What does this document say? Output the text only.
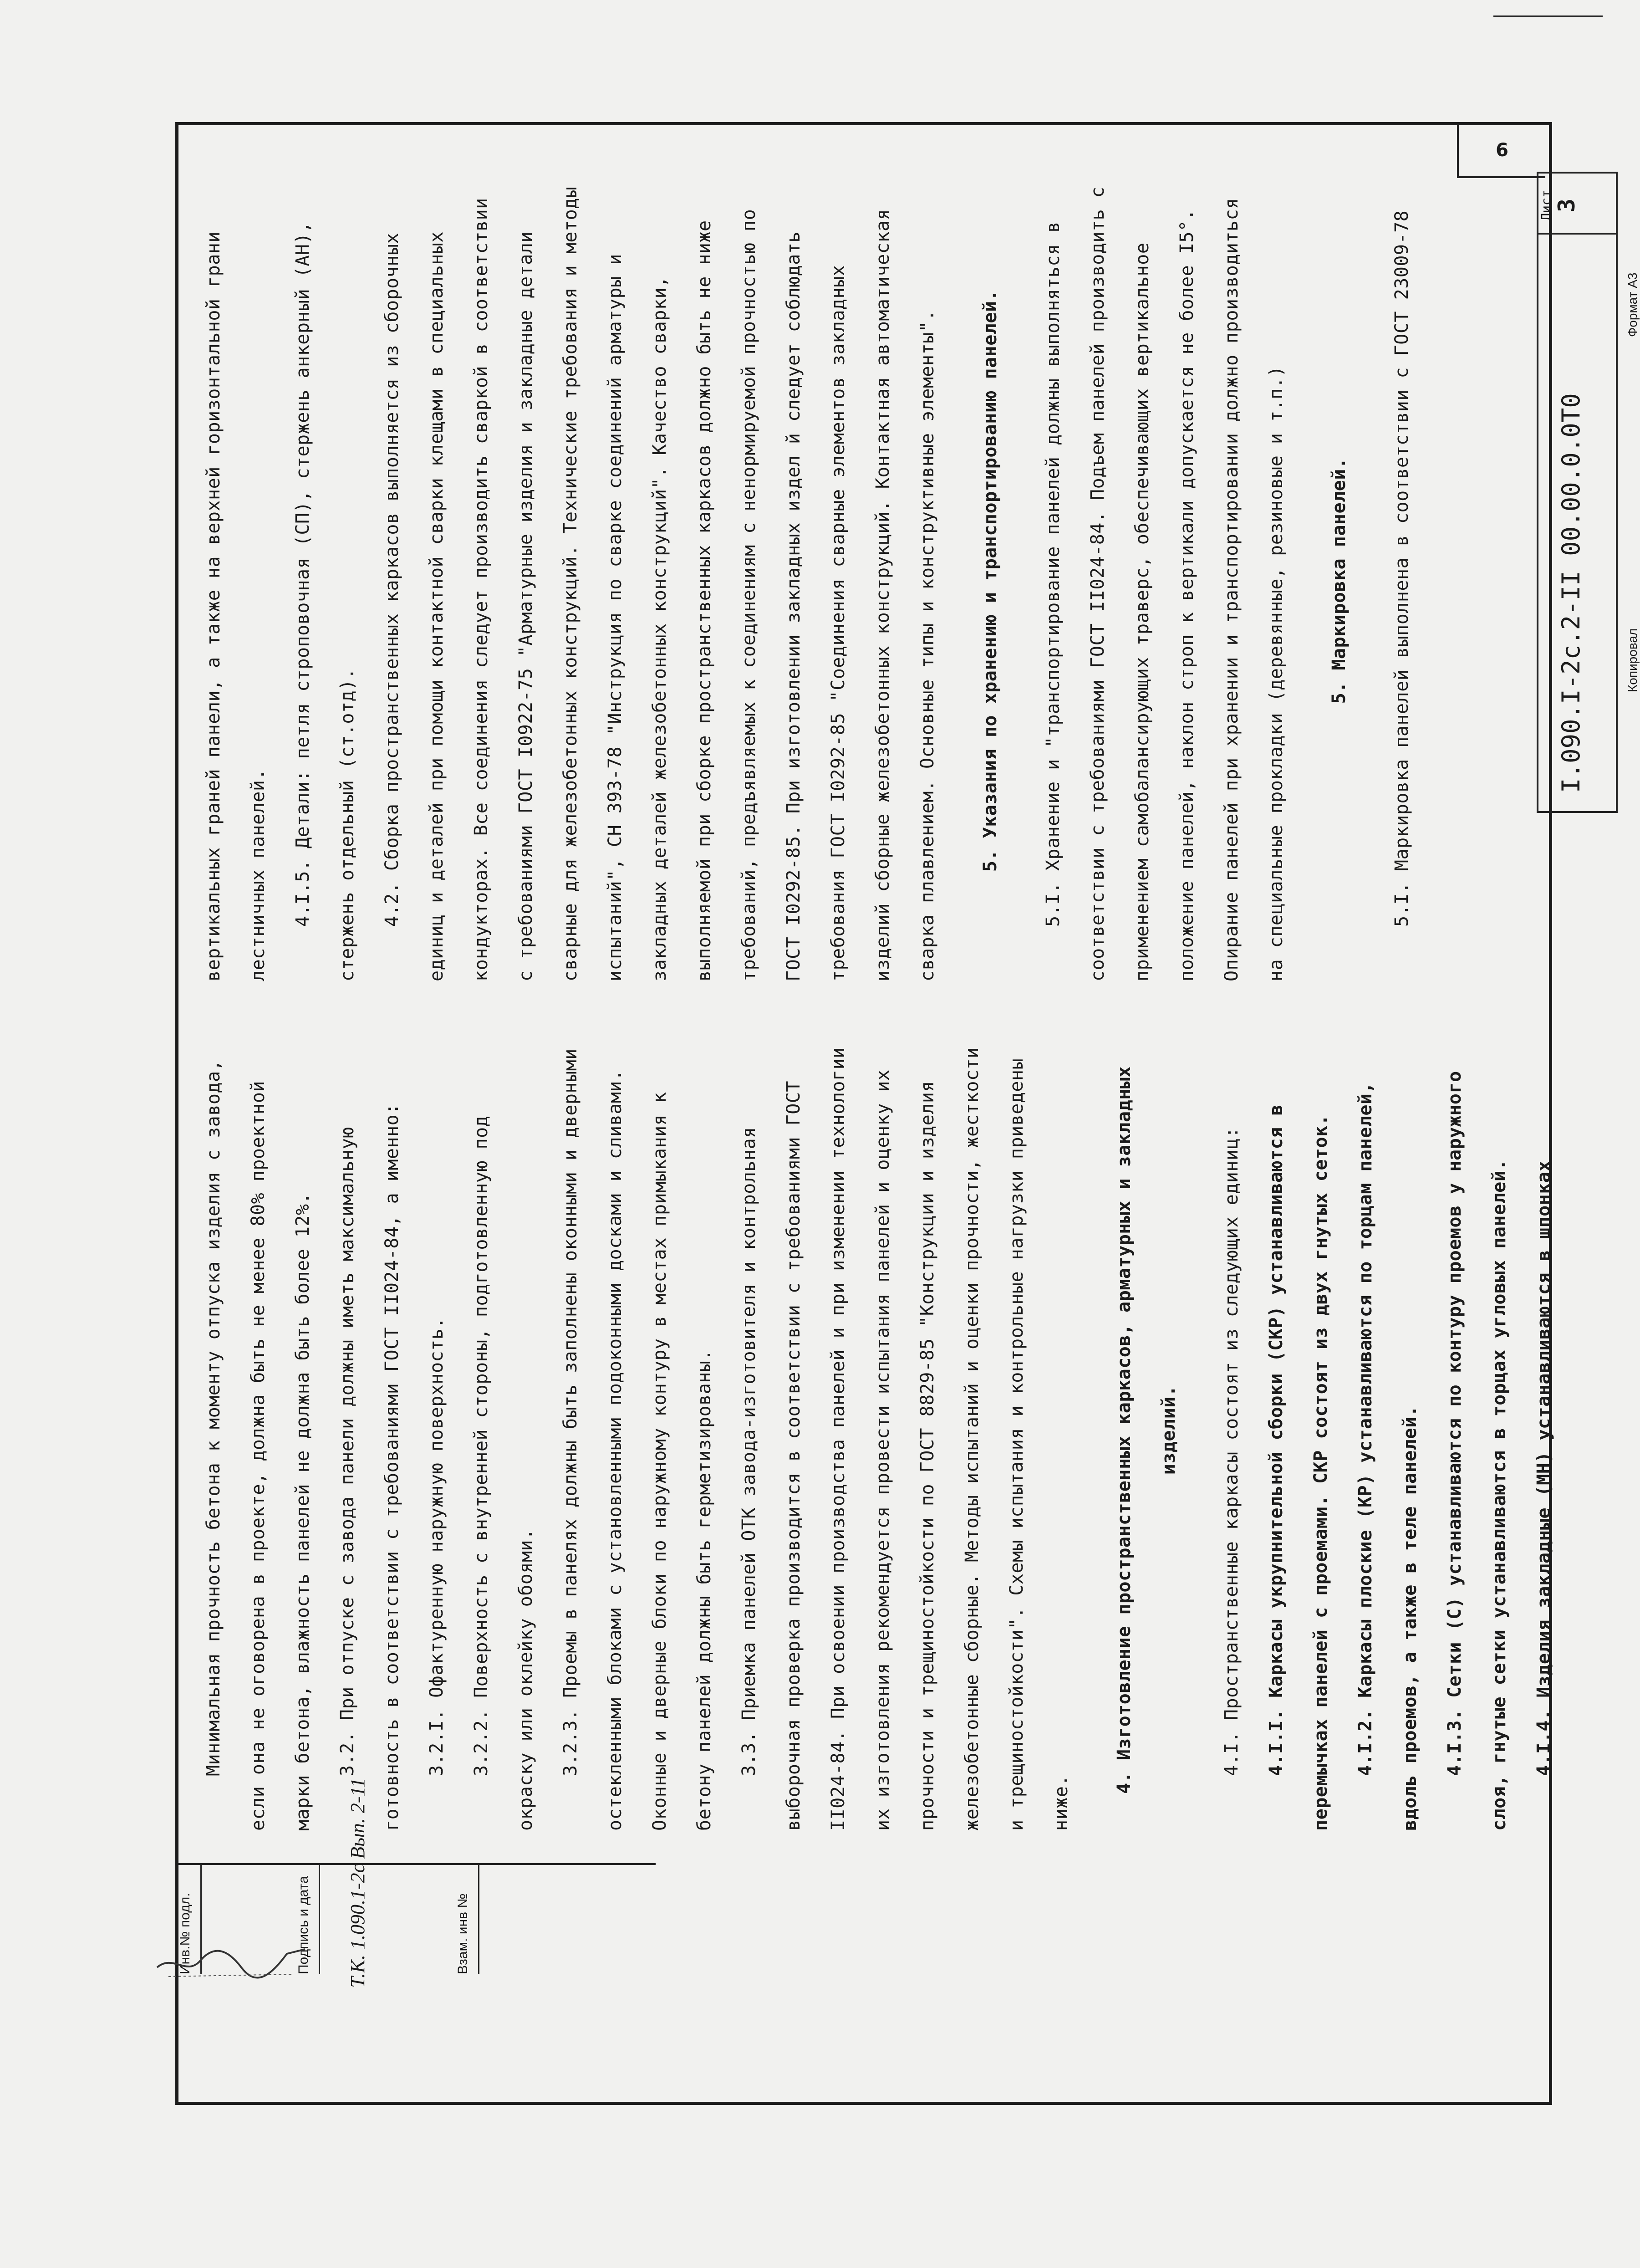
6
Инв.№ подл.	Подпись и дата	Взам. инв №
Т.К. 1.090.1-2с Вып. 2-11

Минимальная прочность бетона к моменту отпуска изделия с завода, если она не оговорена в проекте, должна быть не менее 80% проектной марки бетона, влажность панелей не должна быть более 12%.	3.2. При отпуске с завода панели должны иметь максимальную готовность в соответствии с требованиями ГОСТ II024-84, а именно:	3.2.I. Офактуренную наружную поверхность.	3.2.2. Поверхность с внутренней стороны, подготовленную под окраску или оклейку обоями.	3.2.3. Проемы в панелях должны быть заполнены оконными и дверными остекленными блоками с установленными подоконными досками и сливами. Оконные и дверные блоки по наружному контуру в местах примыкания к бетону панелей должны быть герметизированы.	3.3. Приемка панелей ОТК завода-изготовителя и контрольная выборочная проверка производится в соответствии с требованиями ГОСТ II024-84. При освоении производства панелей и при изменении технологии их изготовления рекомендуется провести испытания панелей и оценку их прочности и трещиностойкости по ГОСТ 8829-85 "Конструкции и изделия железобетонные сборные. Методы испытаний и оценки прочности, жесткости и трещиностойкости". Схемы испытания и контрольные нагрузки приведены ниже.

4. Изготовление пространственных каркасов, арматурных и закладных изделий.	4.I. Пространственные каркасы состоят из следующих единиц:	4.I.I. Каркасы укрупнительной сборки (СКР) устанавливаются в перемычках панелей с проемами. СКР состоят из двух гнутых сеток.	4.I.2. Каркасы плоские (КР) устанавливаются по торцам панелей, вдоль проемов, а также в теле панелей.	4.I.3. Сетки (С) устанавливаются по контуру проемов у наружного слоя, гнутые сетки устанавливаются в торцах угловых панелей.	4.I.4. Изделия закладные (МН) устанавливаются в шпонках

вертикальных граней панели, а также на верхней горизонтальной грани лестничных панелей.	4.I.5. Детали: петля строповочная (СП), стержень анкерный (АН), стержень отдельный (ст.отд).	4.2. Сборка пространственных каркасов выполняется из сборочных единиц и деталей при помощи контактной сварки клещами в специальных кондукторах. Все соединения следует производить сваркой в соответствии с требованиями ГОСТ I0922-75 "Арматурные изделия и закладные детали сварные для железобетонных конструкций. Технические требования и методы испытаний", СН 393-78 "Инструкция по сварке соединений арматуры и закладных деталей железобетонных конструкций". Качество сварки, выполняемой при сборке пространственных каркасов должно быть не ниже требований, предъявляемых к соединениям с ненормируемой прочностью по ГОСТ I0292-85. При изготовлении закладных издел й следует соблюдать требования ГОСТ I0292-85 "Соединения сварные элементов закладных изделий сборные железобетонных конструкций. Контактная автоматическая сварка плавлением. Основные типы и конструктивные элементы".	5. Указания по хранению и транспортированию панелей.	5.I. Хранение и "транспортирование панелей должны выполняться в соответствии с требованиями ГОСТ II024-84. Подъем панелей производить с применением самобалансирующих траверс, обеспечивающих вертикальное положение панелей, наклон строп к вертикали допускается не более I5°. Опирание панелей при хранении и транспортировании должно производиться на специальные прокладки (деревянные, резиновые и т.п.)	5. Маркировка панелей.	5.I. Маркировка панелей выполнена в соответствии с ГОСТ 23009-78	I.090.I-2c.2-II 00.00.0.0T0
Лист 3
Копировал
Формат А3
